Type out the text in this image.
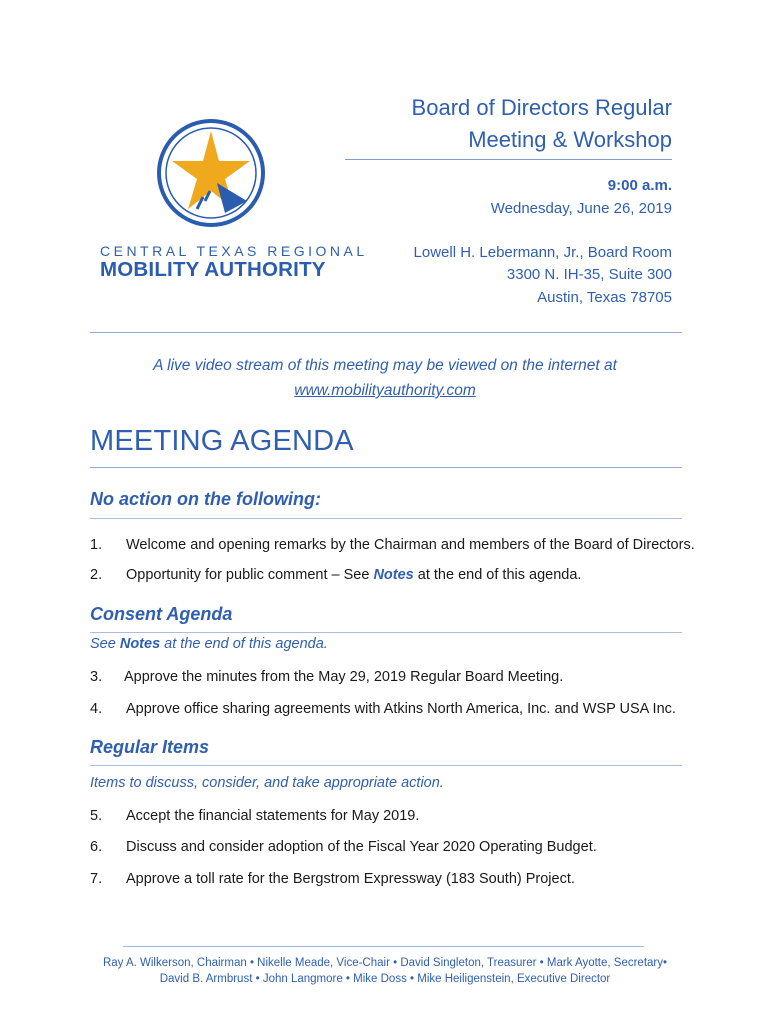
CENTRAL TEXAS REGIONAL
MOBILITY AUTHORITY
Board of Directors Regular
Meeting & Workshop
9:00 a.m.
Wednesday, June 26, 2019
Lowell H. Lebermann, Jr., Board Room
3300 N. IH-35, Suite 300
Austin, Texas 78705
A live video stream of this meeting may be viewed on the internet at
www.mobilityauthority.com
MEETING AGENDA
No action on the following:
1. Welcome and opening remarks by the Chairman and members of the Board of Directors.
2. Opportunity for public comment – See Notes at the end of this agenda.
Consent Agenda
See Notes at the end of this agenda.
3. Approve the minutes from the May 29, 2019 Regular Board Meeting.
4. Approve office sharing agreements with Atkins North America, Inc. and WSP USA Inc.
Regular Items
Items to discuss, consider, and take appropriate action.
5. Accept the financial statements for May 2019.
6. Discuss and consider adoption of the Fiscal Year 2020 Operating Budget.
7. Approve a toll rate for the Bergstrom Expressway (183 South) Project.
Ray A. Wilkerson, Chairman • Nikelle Meade, Vice-Chair • David Singleton, Treasurer • Mark Ayotte, Secretary•
David B. Armbrust • John Langmore • Mike Doss • Mike Heiligenstein, Executive Director
